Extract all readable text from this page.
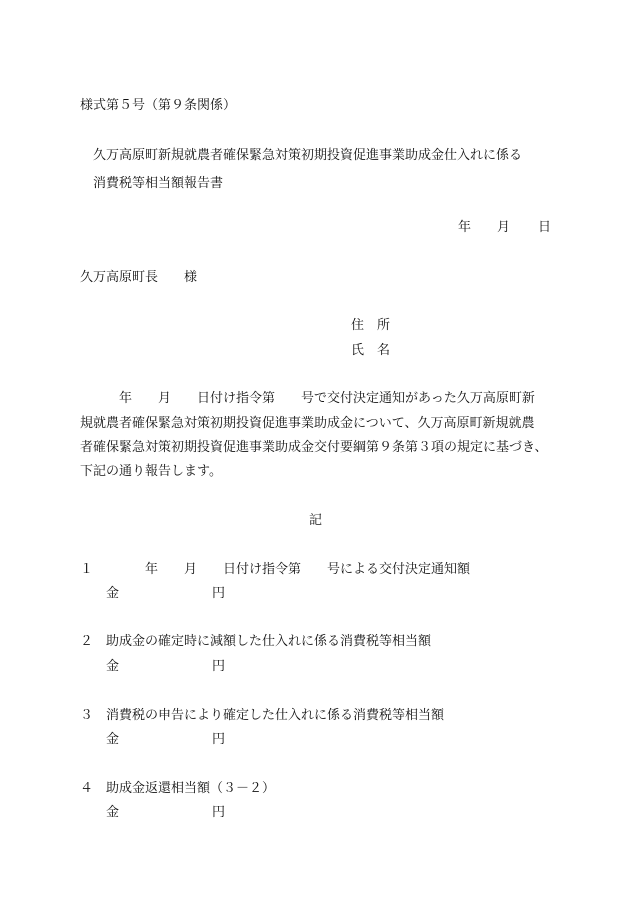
様式第５号（第９条関係）
久万高原町新規就農者確保緊急対策初期投資促進事業助成金仕入れに係る
消費税等相当額報告書
年 月 日
久万高原町長　　様
住　所
氏　名
　　　年　　月　　日付け指令第　　号で交付決定通知があった久万高原町新
規就農者確保緊急対策初期投資促進事業助成金について、久万高原町新規就農
者確保緊急対策初期投資促進事業助成金交付要綱第９条第３項の規定に基づき、
下記の通り報告します。
記
１ 　　　年　　月　　日付け指令第　　号による交付決定通知額
金	円
２ 助成金の確定時に減額した仕入れに係る消費税等相当額
金	円
３ 消費税の申告により確定した仕入れに係る消費税等相当額
金	円
４ 助成金返還相当額（３－２）
金	円
